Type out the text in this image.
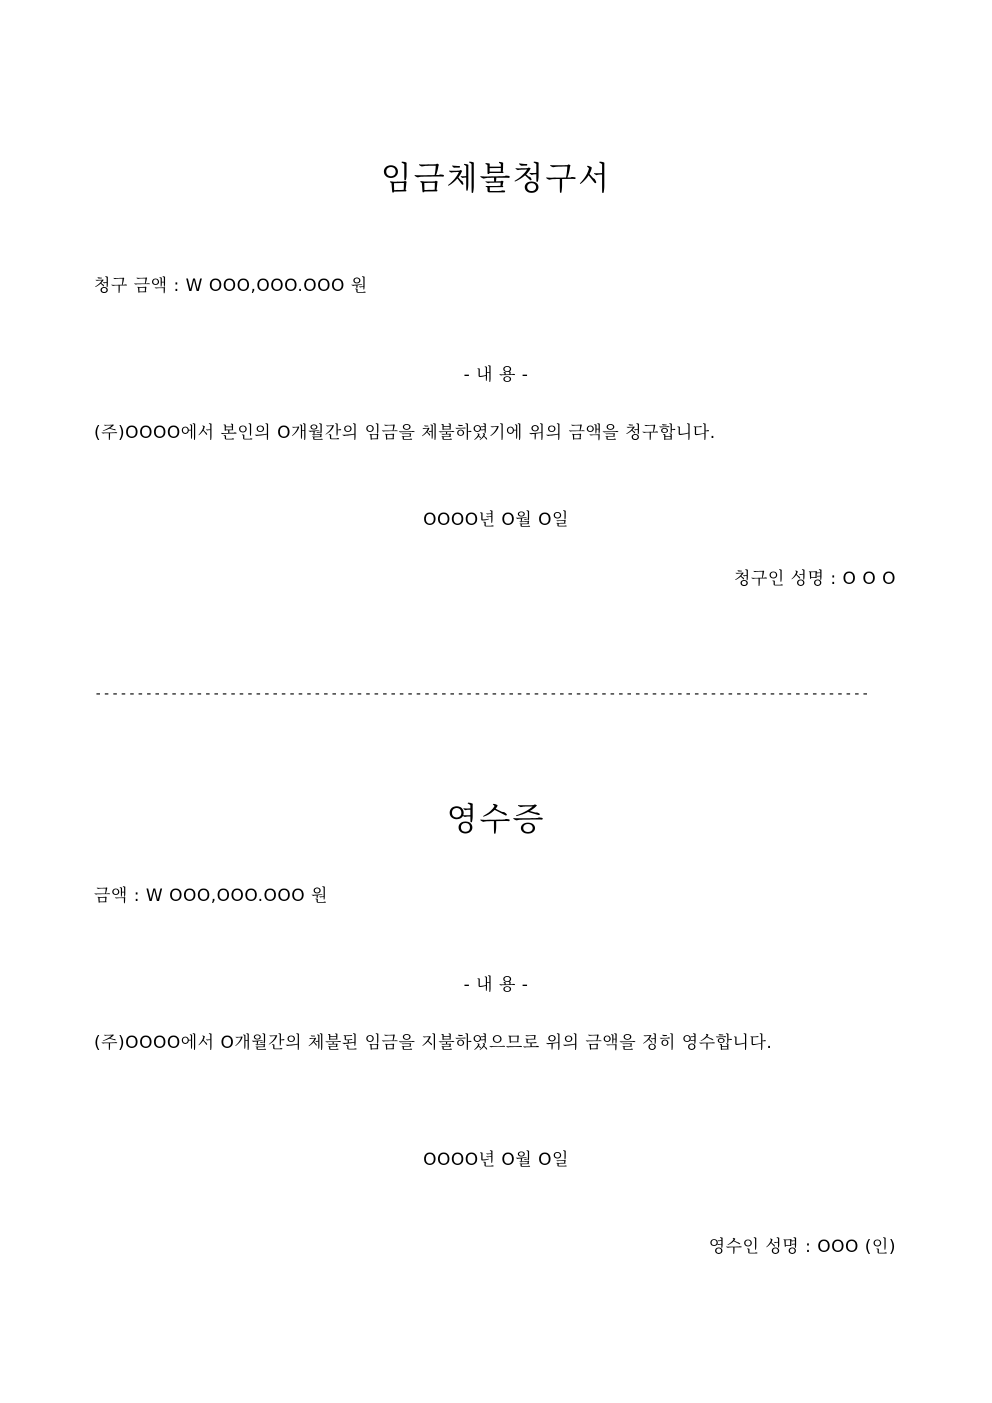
임금체불청구서
청구 금액 : W OOO,OOO.OOO 원
- 내 용 -
(주)OOOO에서 본인의 O개월간의 임금을 체불하였기에 위의 금액을 청구합니다.
OOOO년 O월 O일
청구인 성명 : O O O
--------------------------------------------------------------------------------------------
영수증
금액 : W OOO,OOO.OOO 원
- 내 용 -
(주)OOOO에서 O개월간의 체불된 임금을 지불하였으므로 위의 금액을 정히 영수합니다.
OOOO년 O월 O일
영수인 성명 : OOO (인)
